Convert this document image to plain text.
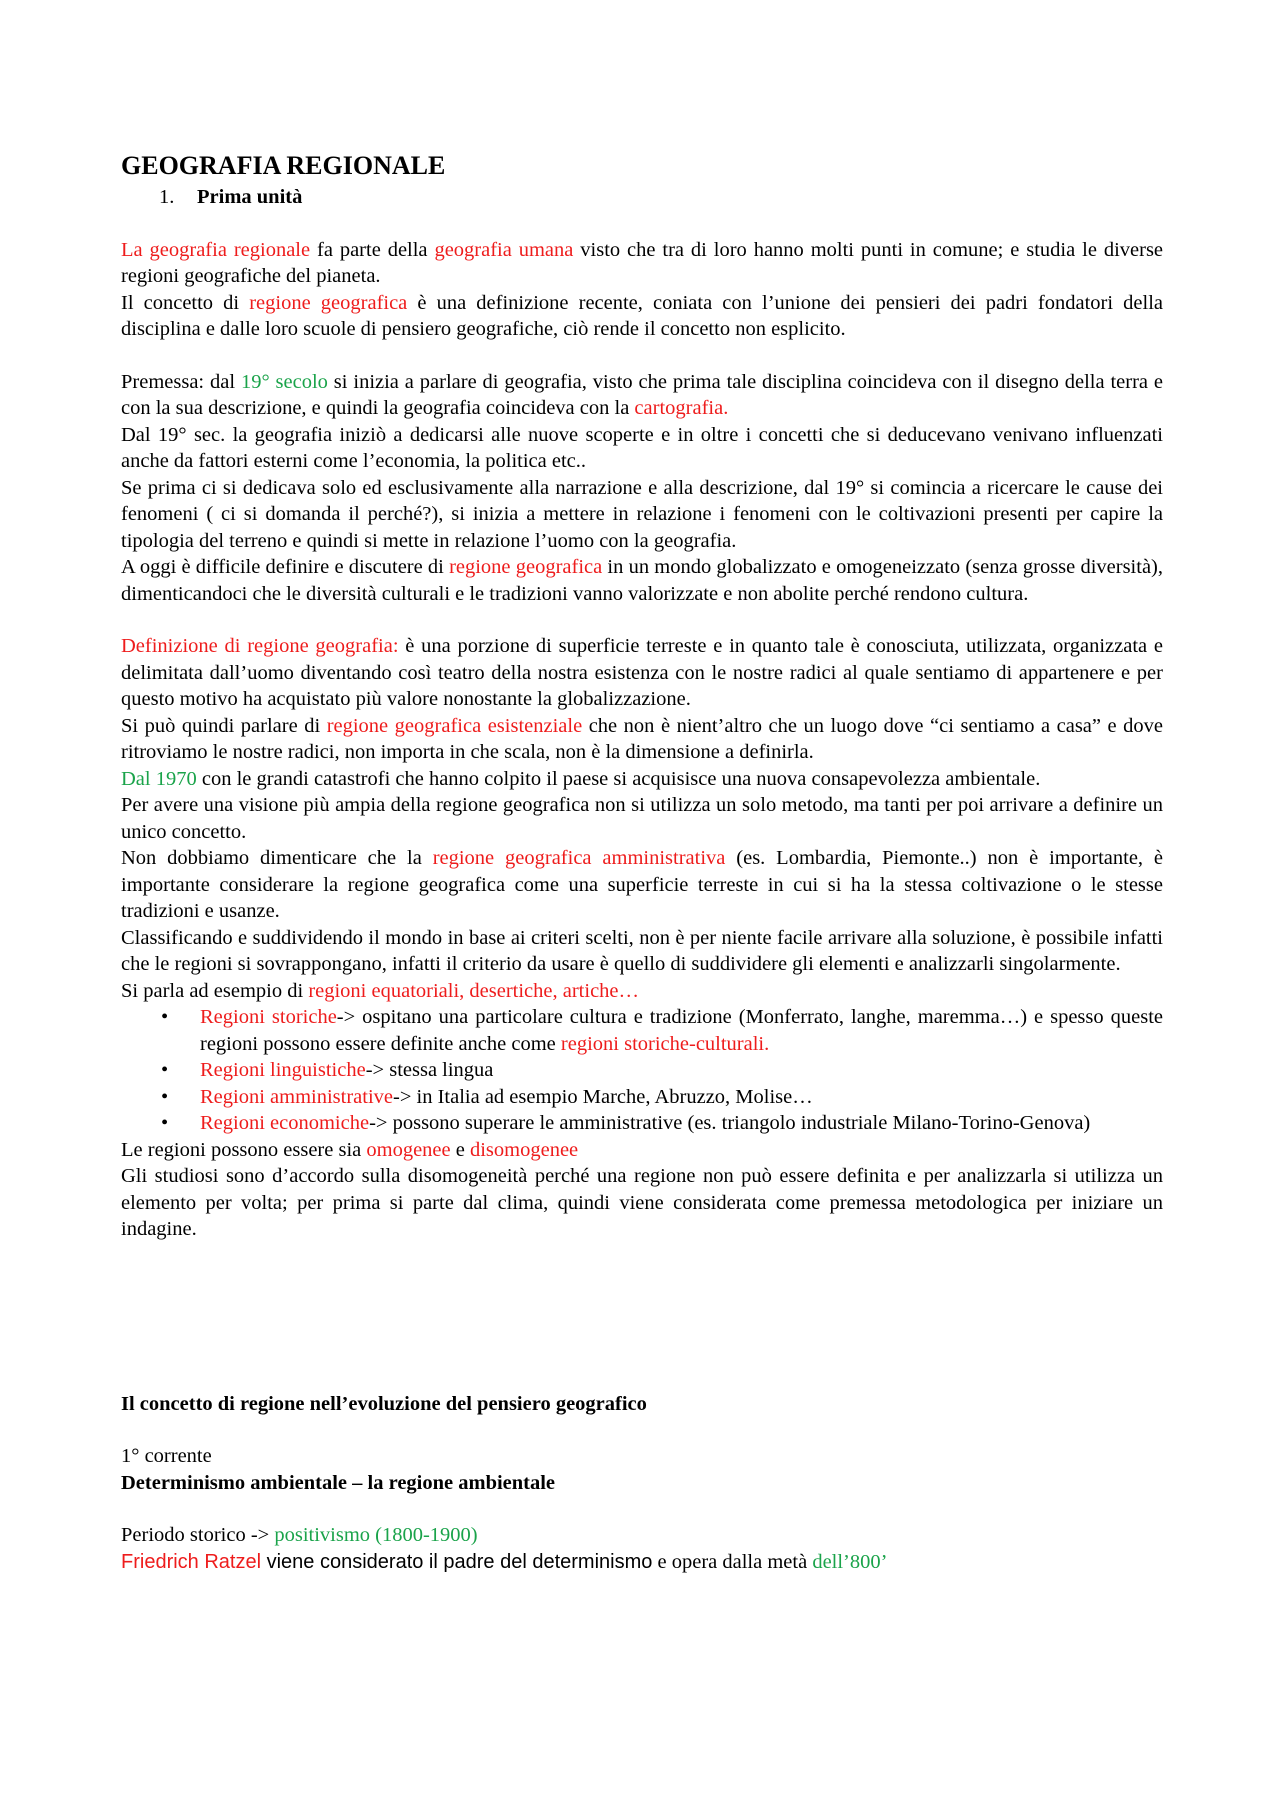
GEOGRAFIA REGIONALE
1. Prima unità

La geografia regionale fa parte della geografia umana visto che tra di loro hanno molti punti in comune; e studia le diverse regioni geografiche del pianeta.

Il concetto di regione geografica è una definizione recente, coniata con l’unione dei pensieri dei padri fondatori della disciplina e dalle loro scuole di pensiero geografiche, ciò rende il concetto non esplicito.

Premessa: dal 19° secolo si inizia a parlare di geografia, visto che prima tale disciplina coincideva con il disegno della terra e con la sua descrizione, e quindi la geografia coincideva con la cartografia.

Dal 19° sec. la geografia iniziò a dedicarsi alle nuove scoperte e in oltre i concetti che si deducevano venivano influenzati anche da fattori esterni come l’economia, la politica etc..

Se prima ci si dedicava solo ed esclusivamente alla narrazione e alla descrizione, dal 19° si comincia a ricercare le cause dei fenomeni ( ci si domanda il perché?), si inizia a mettere in relazione i fenomeni con le coltivazioni presenti per capire la tipologia del terreno e quindi si mette in relazione l’uomo con la geografia.

A oggi è difficile definire e discutere di regione geografica in un mondo globalizzato e omogeneizzato (senza grosse diversità), dimenticandoci che le diversità culturali e le tradizioni vanno valorizzate e non abolite perché rendono cultura.

Definizione di regione geografia: è una porzione di superficie terreste e in quanto tale è conosciuta, utilizzata, organizzata e delimitata dall’uomo diventando così teatro della nostra esistenza con le nostre radici al quale sentiamo di appartenere e per questo motivo ha acquistato più valore nonostante la globalizzazione.

Si può quindi parlare di regione geografica esistenziale che non è nient’altro che un luogo dove “ci sentiamo a casa” e dove ritroviamo le nostre radici, non importa in che scala, non è la dimensione a definirla.

Dal 1970 con le grandi catastrofi che hanno colpito il paese si acquisisce una nuova consapevolezza ambientale.

Per avere una visione più ampia della regione geografica non si utilizza un solo metodo, ma tanti per poi arrivare a definire un unico concetto.

Non dobbiamo dimenticare che la regione geografica amministrativa (es. Lombardia, Piemonte..) non è importante, è importante considerare la regione geografica come una superficie terreste in cui si ha la stessa coltivazione o le stesse tradizioni e usanze.

Classificando e suddividendo il mondo in base ai criteri scelti, non è per niente facile arrivare alla soluzione, è possibile infatti che le regioni si sovrappongano, infatti il criterio da usare è quello di suddividere gli elementi e analizzarli singolarmente.

Si parla ad esempio di regioni equatoriali, desertiche, artiche…

• Regioni storiche-> ospitano una particolare cultura e tradizione (Monferrato, langhe, maremma…) e spesso queste regioni possono essere definite anche come regioni storiche-culturali.
• Regioni linguistiche-> stessa lingua
• Regioni amministrative-> in Italia ad esempio Marche, Abruzzo, Molise…
• Regioni economiche-> possono superare le amministrative (es. triangolo industriale Milano-Torino-Genova)

Le regioni possono essere sia omogenee e disomogenee

Gli studiosi sono d’accordo sulla disomogeneità perché una regione non può essere definita e per analizzarla si utilizza un elemento per volta; per prima si parte dal clima, quindi viene considerata come premessa metodologica per iniziare un indagine.

Il concetto di regione nell’evoluzione del pensiero geografico

1° corrente

Determinismo ambientale – la regione ambientale

Periodo storico -> positivismo (1800-1900)

Friedrich Ratzel viene considerato il padre del determinismo e opera dalla metà dell’800’
